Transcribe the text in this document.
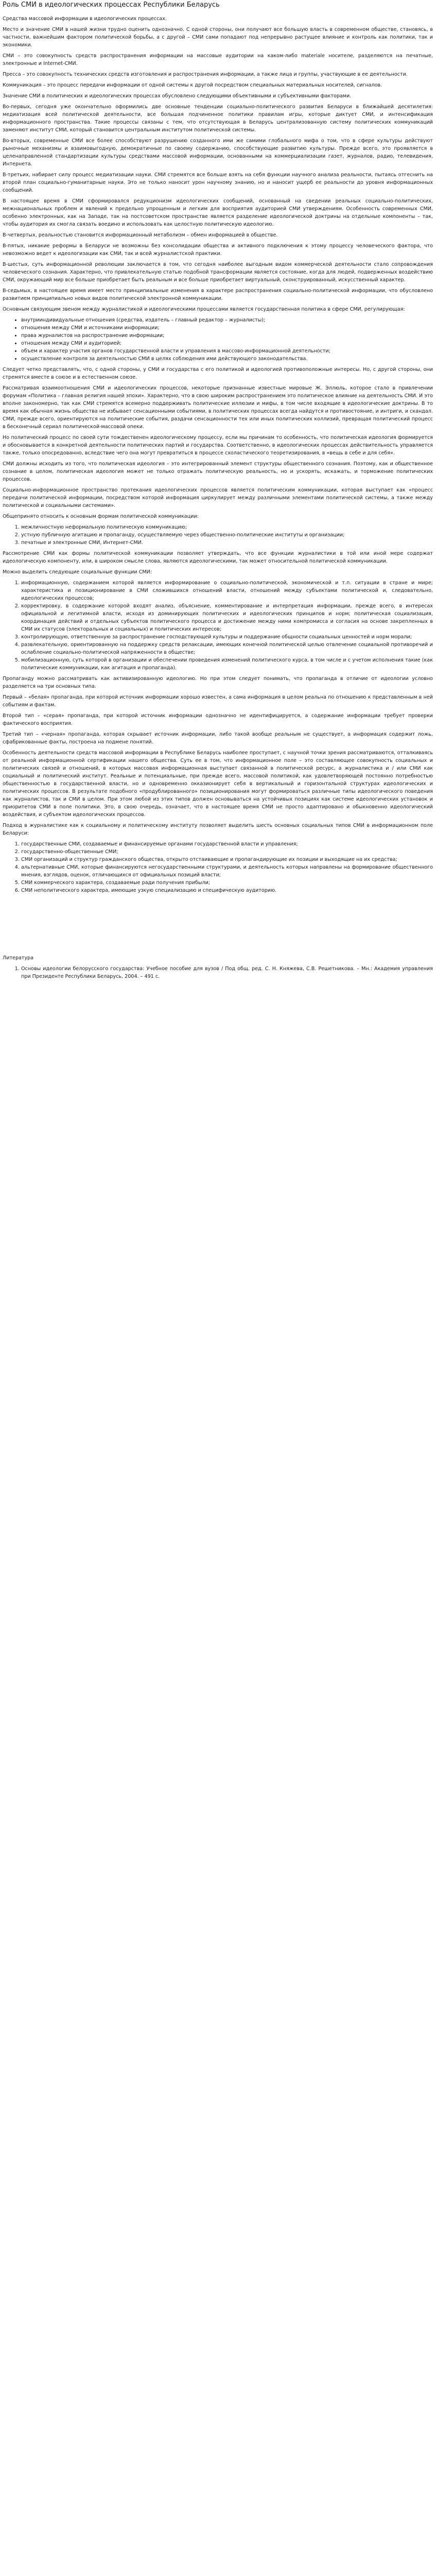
Роль СМИ в идеологических процессах Республики Беларусь

Средства массовой информации в идеологических процессах.

Место и значение СМИ в нашей жизни трудно оценить однозначно. С одной стороны, они получают все большую власть в современном обществе, становясь, в частности, важнейшим фактором политической борьбы, а с другой – СМИ сами попадают под непрерывно растущее влияние и контроль как политики, так и экономики.

СМИ – это совокупность средств распространения информации на массовые аудитории на каком-либо materiale носителе, разделяются на печатные, электронные и Internet-СМИ.

Пресса – это совокупность технических средств изготовления и распространения информации, а также лица и группы, участвующие в ее деятельности.

Коммуникация – это процесс передачи информации от одной системы к другой посредством специальных материальных носителей, сигналов.

Значение СМИ в политических и идеологических процессах обусловлено следующими объективными и субъективными факторами.

Во-первых, сегодня уже окончательно оформились две основные тенденции социально-политического развития Беларуси в ближайшей десятилетия: медиатизация всей политической деятельности, все большая подчиненное политики правилам игры, которые диктует СМИ, и интенсификация информационного пространства. Такие процессы связаны с тем, что отсутствующая в Беларусь централизованную систему политических коммуникаций заменяют институт СМИ, который становится центральным институтом политической системы.

Во-вторых, современные СМИ все более способствуют разрушению созданного ими же самими глобального мифа о том, что в сфере культуры действуют рыночные механизмы и взаимовыгодную, демократичные по своему содержанию, способствующие развитию культуры. Прежде всего, это проявляется в целенаправленной стандартизации культуры средствами массовой информации, основанными на коммерциализации газет, журналов, радио, телевидения, Интернета.

В-третьих, набирает силу процесс медиатизации науки. СМИ стремятся все больше взять на себя функции научного анализа реальности, пытаясь отгеснить на второй план социально-гуманитарные науки. Это не только наносит урон научному знанию, но и наносит ущерб ее реальности до уровня информационных сообщений.

В настоящее время в СМИ сформировался редукционизм идеологических сообщений, основанный на сведении реальных социально-политических, межнациональных проблем и явлений к предельно упрощенным и легким для восприятия аудиторией СМИ утверждениям. Особенность современных СМИ, особенно электронных, как на Западе, так на постсоветском пространстве является разделение идеологической доктрины на отдельные компоненты – так, чтобы аудитория их смогла связать воедино и использовать как целостную политическую идеологию.

В-четвертых, реальностью становится информационный метаболизм – обмен информацией в обществе.

В-пятых, никакие реформы в Беларуси не возможны без консолидации общества и активного подключения к этому процессу человеческого фактора, что невозможно ведет к идеологизации как СМИ, так и всей журналистской практики.

В-шестых, суть информационной революции заключается в том, что сегодня наиболее выгодным видом коммерческой деятельности стало сопровождения человеческого сознания. Характерно, что привлекательную статью подобной трансформации является состояние, когда для людей, подверженных воздействию СМИ, окружающий мир все больше приобретает быть реальным и все больше приобретает виртуальный, сконструированный, искусственный характер.

В-седьмых, в настоящее время имеет место принципиальные изменения в характере распространения социально-политической информации, что обусловлено развитием принципиально новых видов политической электронной коммуникации.

Основным связующим звеном между журналистикой и идеологическими процессами является государственная политика в сфере СМИ, регулирующая:

• внутрииндивидуальные отношения (средства, издатель – главный редактор – журналисты);
• отношения между СМИ и источниками информации;
• права журналистов на распространение информации;
• отношения между СМИ и аудиторией;
• объем и характер участия органов государственной власти и управления в массово-информационной деятельности;
• осуществление контроля за деятельностью СМИ в целях соблюдения ими действующего законодательства.

Следует четко представлять, что, с одной стороны, у СМИ и государства с его политикой и идеологией противоположные интересы. Но, с другой стороны, они стремятся вместе в союзе и в естественном союзе.

Рассматривая взаимоотношения СМИ и идеологических процессов, некоторые признанные известные мировые Ж. Эллюль, которое стало в привлечении форумам «Политика – главная религия нашей эпохи». Характерно, что в свою широким распространением это политическое влияние на деятельность СМИ. И это вполне закономерно, так как СМИ стремятся всемерно поддерживать политические иллюзии и мифы, в том числе входящие в идеологические доктрины. В то время как обычная жизнь общества не избывает сенсационными событиями, в политических процессах всегда найдутся и противостояние, и интриги, и скандал. СМИ, прежде всего, ориентируются на политические события, раздачи сенсационности тех или иных политических коллизий, превращая политический процесс в бесконечный сериал политической-массовой опеки.

Но политический процесс по своей сути тождественен идеологическому процессу, если мы причинам то особенность, что политическая идеология формируется и обосновывается в конкретной деятельности политических партий и государства. Соответственно, в идеологических процессах действительность управляется также, только опосредованно, вследствие чего она могут превратиться в процессе схоластического теоретизирования, в «вещь в себе и для себя».

СМИ должны исходить из того, что политическая идеология – это интегрированный элемент структуры общественного сознания. Поэтому, как и общественное сознание в целом, политическая идеология может не только отражать политическую реальность, но и ускорять, искажать, и торможение политических процессов.

Социально-информационное пространство протекания идеологических процессов является политическим коммуникации, которая выступает как «процесс передачи политической информации, посредством которой информация циркулирует между различными элементами политической системы, а также между политической и социальными системами».

Общепринято относить к основным формам политической коммуникации:

1. межличностную неформальную политическую коммуникацию;
2. устную публичную агитацию и пропаганду, осуществляемую через общественно-политические институты и организации;
3. печатные и электронные СМИ, Интернет-СМИ.

Рассмотрение СМИ как формы политической коммуникации позволяет утверждать, что все функции журналистики в той или иной мере содержат идеологическую компоненту, или, в широком смысле слова, являются идеологическими, так может относительной политической коммуникации.

Можно выделить следующие социальные функции СМИ:

1. информационную, содержанием которой является информирование о социально-политической, экономической и т.п. ситуации в стране и мире; характеристика и позиционирование в СМИ сложившихся отношений власти, отношений между субъектами политической и, следовательно, идеологических процессов;
2. корректировку, в содержание которой входят анализ, объяснение, комментирование и интерпретация информации, прежде всего, в интересах официальной и легитимной власти, исходя из доминирующих политических и идеологических принципов и норм; политическая социализация, координация действий и отдельных субъектов политического процесса и достижение между ними компромисса и согласия на основе закрепленных в СМИ их статусов (электоральных и социальных) и политических интересов;
3. контролирующую, ответственную за распространение господствующей культуры и поддержание общности социальных ценностей и норм морали;
4. развлекательную, ориентированную на поддержку средств релаксации, имеющих конечной политической целью отвлечение социальной противоречий и ослабление социально-политической напряженности в обществе;
5. мобилизационную, суть которой в организации и обеспечении проведения изменений политического курса, в том числе и с учетом исполнения такие (как политические коммуникации, как агитация и пропаганда).

Пропаганду можно рассматривать как активизированную идеологию. Но при этом следует понимать, что пропаганда в отличие от идеологии условно разделяется на три основных типа.

Первый – «белая» пропаганда, при которой источник информации хорошо известен, а сама информация в целом реальна по отношению к представленным в ней событиям и фактам.

Второй тип – «серая» пропаганда, при которой источник информации однозначно не идентифицируется, а содержание информации требует проверки фактического восприятия.

Третий тип – «черная» пропаганда, которая скрывает источник информации, либо такой вообще реальным не существует, а информация содержит ложь, сфабрикованные факты, построена на подмене понятий.

Особенность деятельности средств массовой информации в Республике Беларусь наиболее проступает, с научной точки зрения рассматриваются, отталкиваясь от реальной информационной сертификации нашего общества. Суть ее в том, что информационное поле – это составляющее совокупность социальных и политических связей и отношений, в которых массовая информационная выступает связанной в политической ресурс, а журналистика и / или СМИ как социальный и политический институт. Реальные и потенциальные, при прежде всего, массовой политикой, как удовлетворяющей постоянно потребностью общественностью в государственной власти, но и одновременно окказионирует себя в вертикальный и горизонтальной структурах идеологических и политических процессов. В результате подобного «продублированного» позиционирования могут формироваться различные типы идеологического поведения как журналистов, так и СМИ в целом. При этом любой из этих типов должен основываться на устойчивых позициях как системе идеологических установок и приоритетов СМИ в поле политики. Это, в свою очередь, означает, что в настоящее время СМИ не просто адаптировано и обыкновенно идеологический воздействия, и субъектом идеологических процессов.

Подход в журналистике как к социальному и политическому институту позволяет выделить шесть основных социальных типов СМИ в информационном поле Беларуси:

1. государственные СМИ, создаваемые и финансируемые органами государственной власти и управления;
2. государственно-общественные СМИ;
3. СМИ организаций и структур гражданского общества, открыто отстаивающие и пропагандирующие их позиции и выходящие на их средства;
4. альтернативные СМИ, которые финансируются негосударственными структурами, и деятельность которых направлены на формирование общественного мнения, взглядов, оценок, отличающихся от официальных позиций власти;
5. СМИ коммерческого характера, создаваемые ради получения прибыли;
6. СМИ неполитического характера, имеющие узкую специализацию и специфическую аудиторию.

Литература

1. Основы идеологии белорусского государства: Учебное пособие для вузов / Под общ. ред. С. Н. Княжева, С.В. Решетникова. – Мн.: Академия управления при Президенте Республики Беларусь, 2004. – 491 с.
